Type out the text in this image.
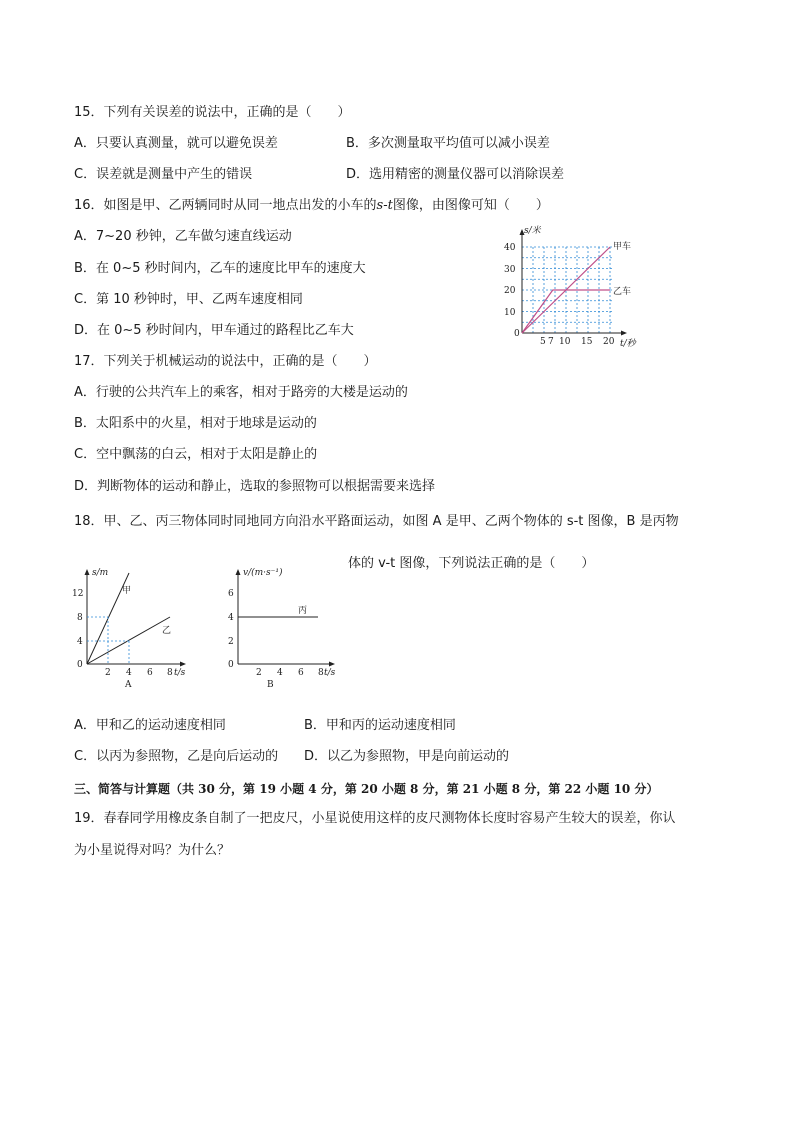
15．下列有关误差的说法中，正确的是（　　）
A．只要认真测量，就可以避免误差	B．多次测量取平均值可以减小误差
C．误差就是测量中产生的错误	D．选用精密的测量仪器可以消除误差
16．如图是甲、乙两辆同时从同一地点出发的小车的s-t图像，由图像可知（　　）
A．7~20 秒钟，乙车做匀速直线运动
B．在 0~5 秒时间内，乙车的速度比甲车的速度大
C．第 10 秒钟时，甲、乙两车速度相同
D．在 0~5 秒时间内，甲车通过的路程比乙车大
40
30
20
10
0
5 7 10 15 20
s/米
t/秒
甲车
乙车
17．下列关于机械运动的说法中，正确的是（　　）
A．行驶的公共汽车上的乘客，相对于路旁的大楼是运动的
B．太阳系中的火星，相对于地球是运动的
C．空中飘荡的白云，相对于太阳是静止的
D．判断物体的运动和静止，选取的参照物可以根据需要来选择
18．甲、乙、丙三物体同时同地同方向沿水平路面运动，如图 A 是甲、乙两个物体的 s-t 图像，B 是丙物
体的 v-t 图像，下列说法正确的是（　　）
12
8
4
0
2 4 6 8
s/m
t/s
甲
乙
A
6
4
2
0
2 4 6 8
v/(m·s⁻¹)
t/s
丙
B
A．甲和乙的运动速度相同	B．甲和丙的运动速度相同
C．以丙为参照物，乙是向后运动的 D．以乙为参照物，甲是向前运动的
三、简答与计算题（共 30 分，第 19 小题 4 分，第 20 小题 8 分，第 21 小题 8 分，第 22 小题 10 分）
19．春春同学用橡皮条自制了一把皮尺，小星说使用这样的皮尺测物体长度时容易产生较大的误差，你认
为小星说得对吗？为什么？
